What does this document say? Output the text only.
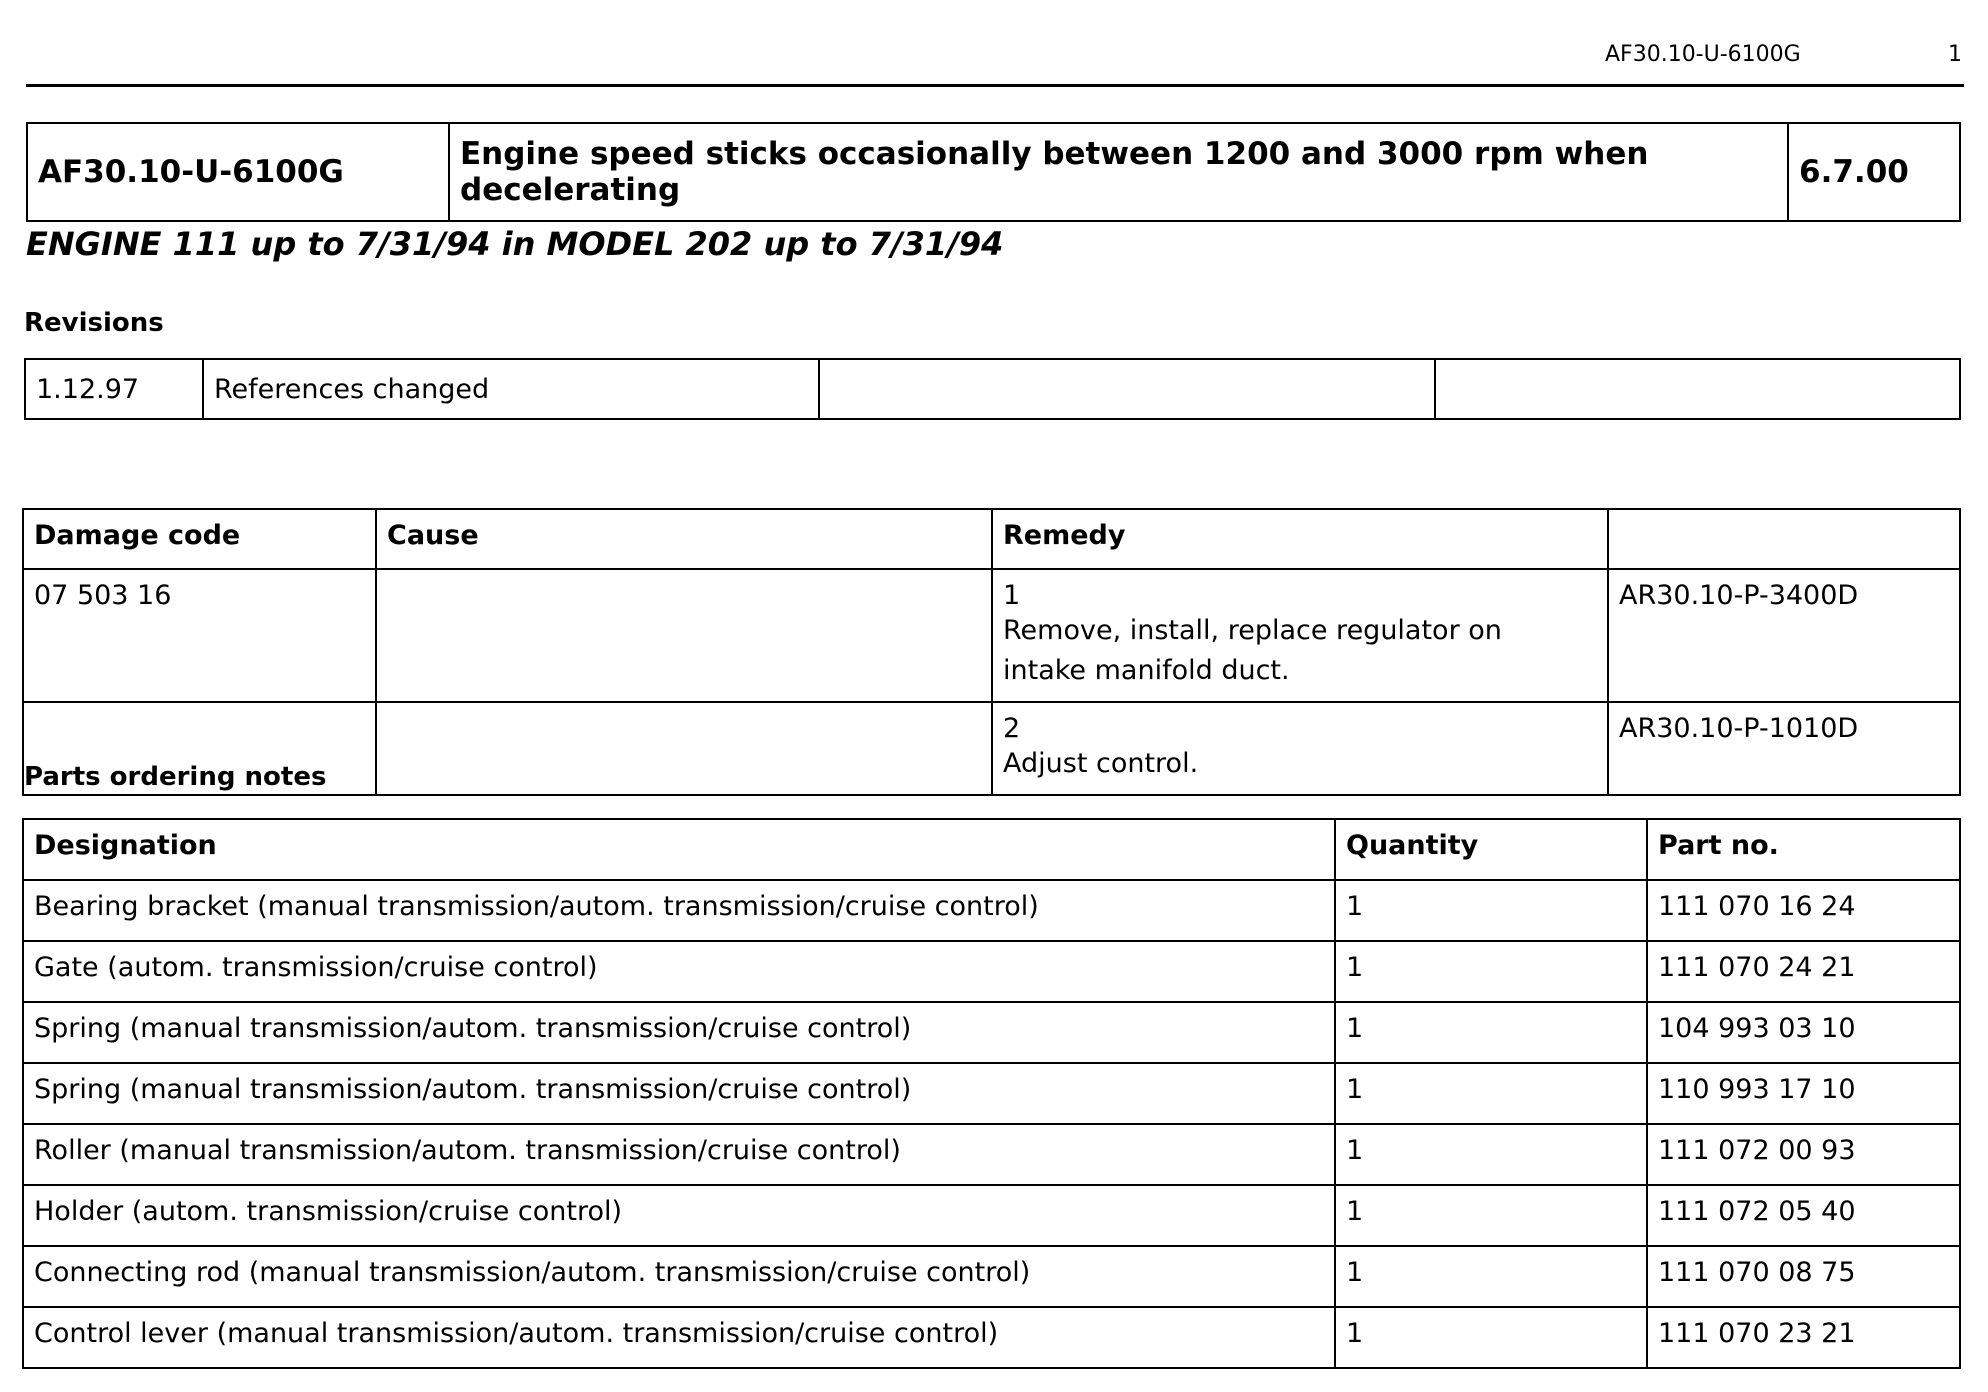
AF30.10-U-6100G	1
AF30.10-U-6100G	Engine speed sticks occasionally between 1200 and 3000 rpm when decelerating	6.7.00
ENGINE 111 up to 7/31/94 in MODEL 202 up to 7/31/94
Revisions
1.12.97	References changed		
Damage code	Cause	Remedy	
07 503 16		1Remove, install, replace regulator on intake manifold duct.	AR30.10-P-3400D
		2Adjust control.	AR30.10-P-1010D
Parts ordering notes
Designation	Quantity	Part no.
Bearing bracket (manual transmission/autom. transmission/cruise control)	1	111 070 16 24
Gate (autom. transmission/cruise control)	1	111 070 24 21
Spring (manual transmission/autom. transmission/cruise control)	1	104 993 03 10
Spring (manual transmission/autom. transmission/cruise control)	1	110 993 17 10
Roller (manual transmission/autom. transmission/cruise control)	1	111 072 00 93
Holder (autom. transmission/cruise control)	1	111 072 05 40
Connecting rod (manual transmission/autom. transmission/cruise control)	1	111 070 08 75
Control lever (manual transmission/autom. transmission/cruise control)	1	111 070 23 21
